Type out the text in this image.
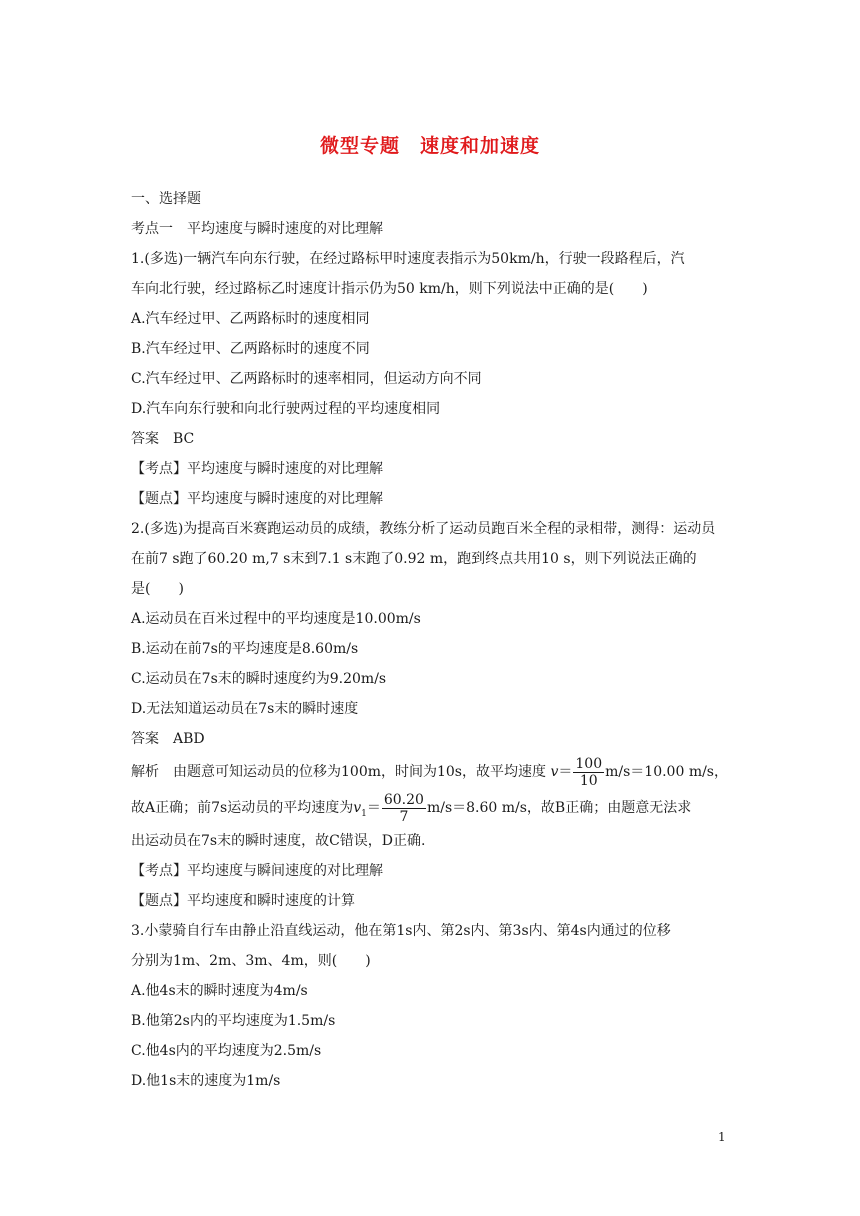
微型专题　速度和加速度
一、选择题
考点一　平均速度与瞬时速度的对比理解
1.(多选)一辆汽车向东行驶，在经过路标甲时速度表指示为50km/h，行驶一段路程后，汽
车向北行驶，经过路标乙时速度计指示仍为50 km/h，则下列说法中正确的是(　　)
A.汽车经过甲、乙两路标时的速度相同
B.汽车经过甲、乙两路标时的速度不同
C.汽车经过甲、乙两路标时的速率相同，但运动方向不同
D.汽车向东行驶和向北行驶两过程的平均速度相同
答案 BC
【考点】平均速度与瞬时速度的对比理解
【题点】平均速度与瞬时速度的对比理解
2.(多选)为提高百米赛跑运动员的成绩，教练分析了运动员跑百米全程的录相带，测得：运动员
在前7 s跑了60.20 m,7 s末到7.1 s末跑了0.92 m，跑到终点共用10 s，则下列说法正确的
是(　　)
A.运动员在百米过程中的平均速度是10.00m/s
B.运动在前7s的平均速度是8.60m/s
C.运动员在7s末的瞬时速度约为9.20m/s
D.无法知道运动员在7s末的瞬时速度
答案 ABD
解析　由题意可知运动员的位移为100m，时间为10s，故平均速度 $v= \frac{100}{10} m/s=10.00$ m/s，
故A正确；前7s运动员的平均速度为$v_1= \frac{60.20}{7} m/s=8.60$ m/s，故B正确；由题意无法求
出运动员在7s末的瞬时速度，故C错误，D正确.
【考点】平均速度与瞬间速度的对比理解
【题点】平均速度和瞬时速度的计算
3.小蒙骑自行车由静止沿直线运动，他在第1s内、第2s内、第3s内、第4s内通过的位移
分别为1m、2m、3m、4m，则(　　)
A.他4s末的瞬时速度为4m/s
B.他第2s内的平均速度为1.5m/s
C.他4s内的平均速度为2.5m/s
D.他1s末的速度为1m/s
1
